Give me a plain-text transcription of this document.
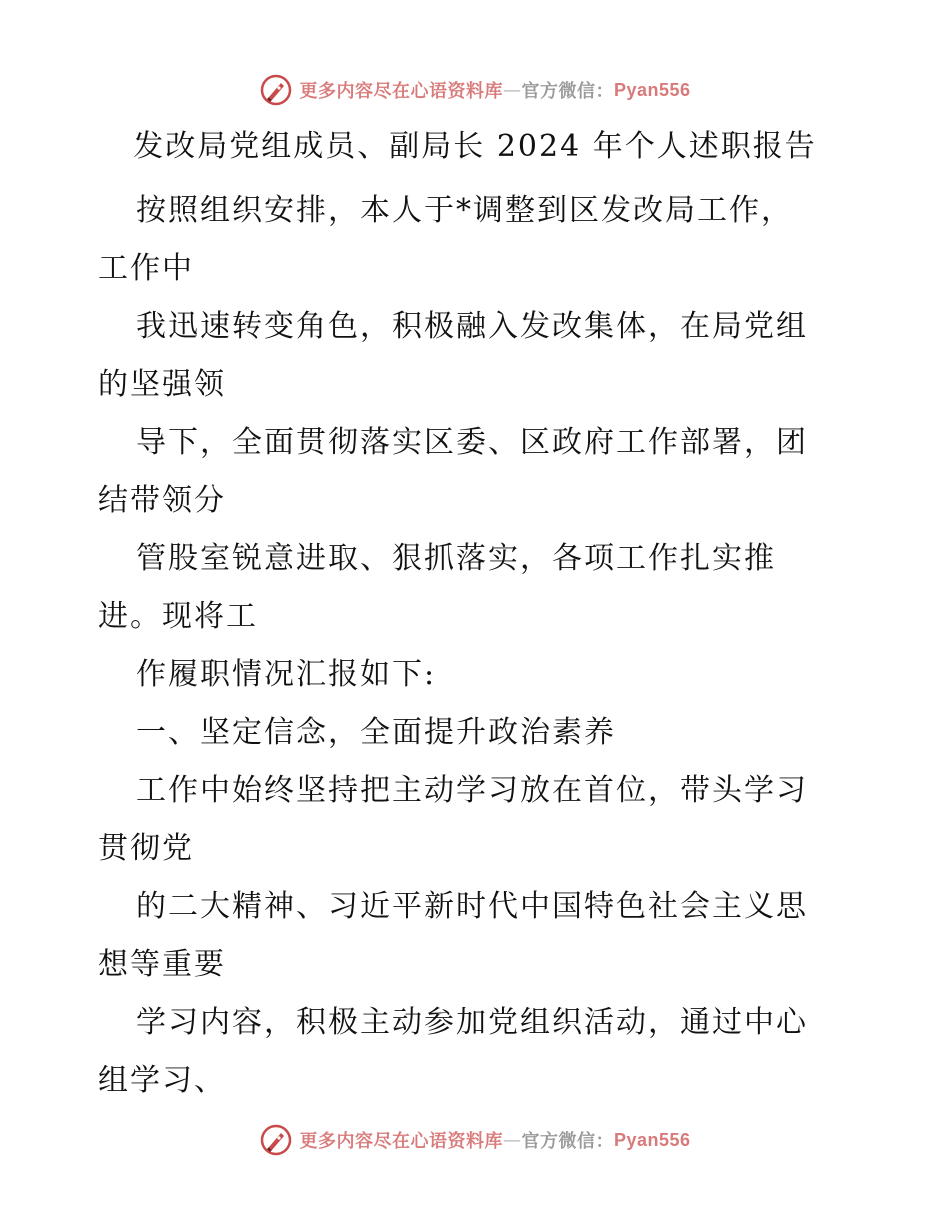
更多内容尽在心语资料库 — 官方微信： Pyan556
发改局党组成员、副局长 2024 年个人述职报告
按照组织安排，本人于*调整到区发改局工作，
工作中
我迅速转变角色，积极融入发改集体，在局党组
的坚强领
导下，全面贯彻落实区委、区政府工作部署，团
结带领分
管股室锐意进取、狠抓落实，各项工作扎实推
进。现将工
作履职情况汇报如下:
一、坚定信念，全面提升政治素养
工作中始终坚持把主动学习放在首位，带头学习
贯彻党
的二大精神、习近平新时代中国特色社会主义思
想等重要
学习内容，积极主动参加党组织活动，通过中心
组学习、
更多内容尽在心语资料库 — 官方微信： Pyan556
